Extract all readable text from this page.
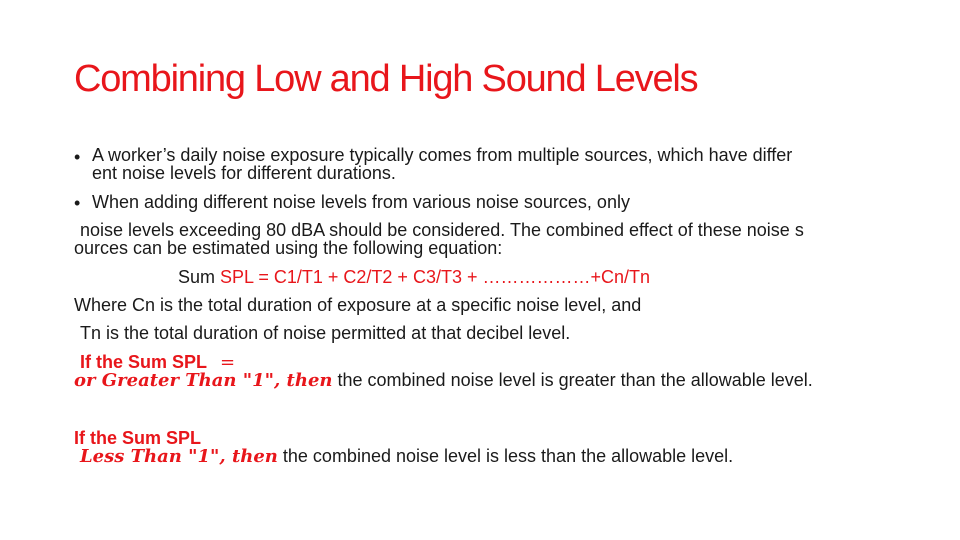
Combining Low and High Sound Levels
• A worker’s daily noise exposure typically comes from multiple sources, which have differ
ent noise levels for different durations.
• When adding different noise levels from various noise sources, only
noise levels exceeding 80 dBA should be considered. The combined effect of these noise s
ources can be estimated using the following equation:
Sum SPL = C1/T1 + C2/T2 + C3/T3 + ………………+Cn/Tn
Where Cn is the total duration of exposure at a specific noise level, and
Tn is the total duration of noise permitted at that decibel level.
If the Sum SPL =
or Greater Than "1", then the combined noise level is greater than the allowable level.
If the Sum SPL
Less Than "1", then the combined noise level is less than the allowable level.
